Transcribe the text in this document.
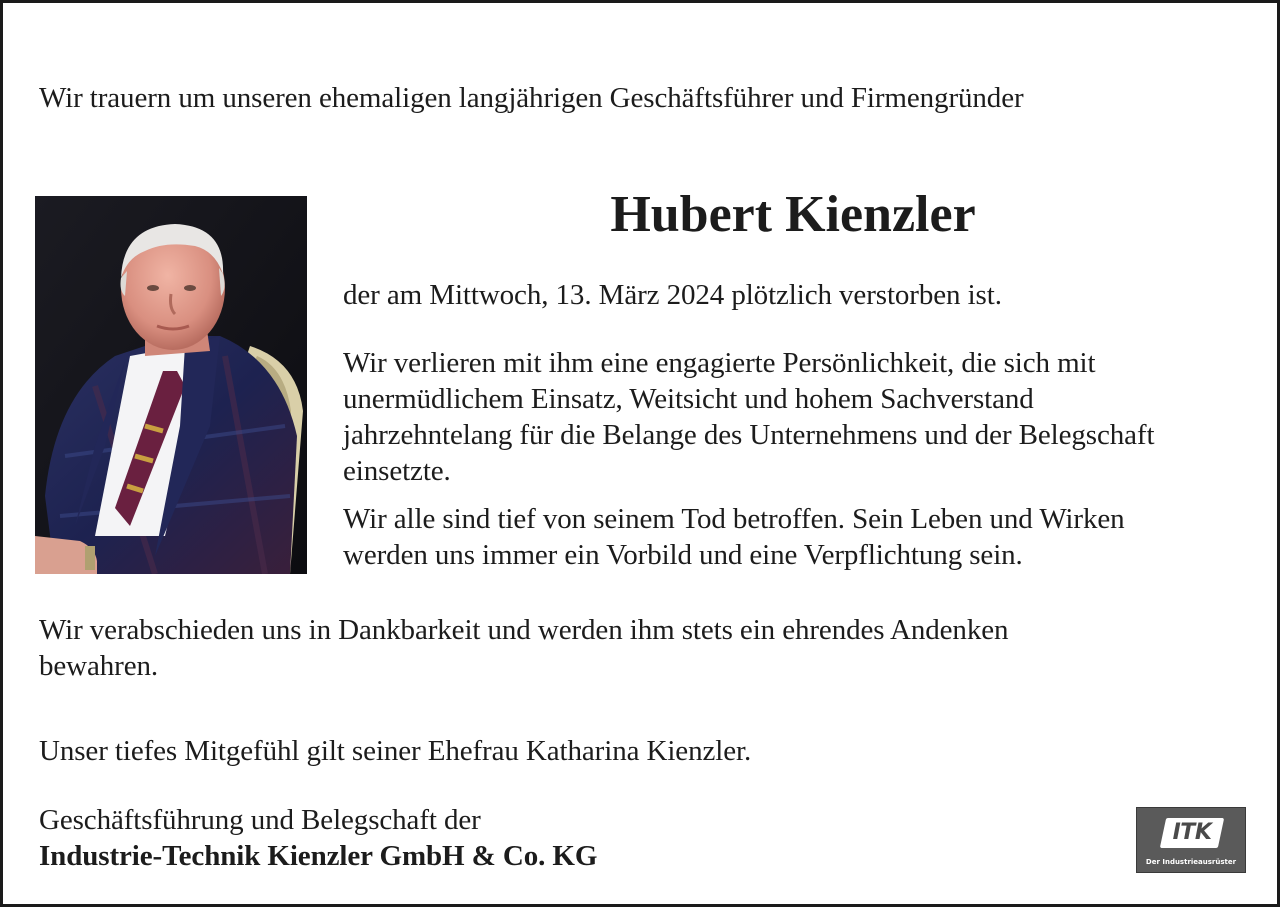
Wir trauern um unseren ehemaligen langjährigen Geschäftsführer und Firmengründer

Hubert Kienzler

der am Mittwoch, 13. März 2024 plötzlich verstorben ist.

Wir verlieren mit ihm eine engagierte Persönlichkeit, die sich mit
unermüdlichem Einsatz, Weitsicht und hohem Sachverstand
jahrzehntelang für die Belange des Unternehmens und der Belegschaft
einsetzte.
Wir alle sind tief von seinem Tod betroffen. Sein Leben und Wirken
werden uns immer ein Vorbild und eine Verpflichtung sein.
Wir verabschieden uns in Dankbarkeit und werden ihm stets ein ehrendes Andenken
bewahren.

Unser tiefes Mitgefühl gilt seiner Ehefrau Katharina Kienzler.

Geschäftsführung und Belegschaft der

Industrie-Technik Kienzler GmbH & Co. KG

ITK
Der Industrieausrüster
